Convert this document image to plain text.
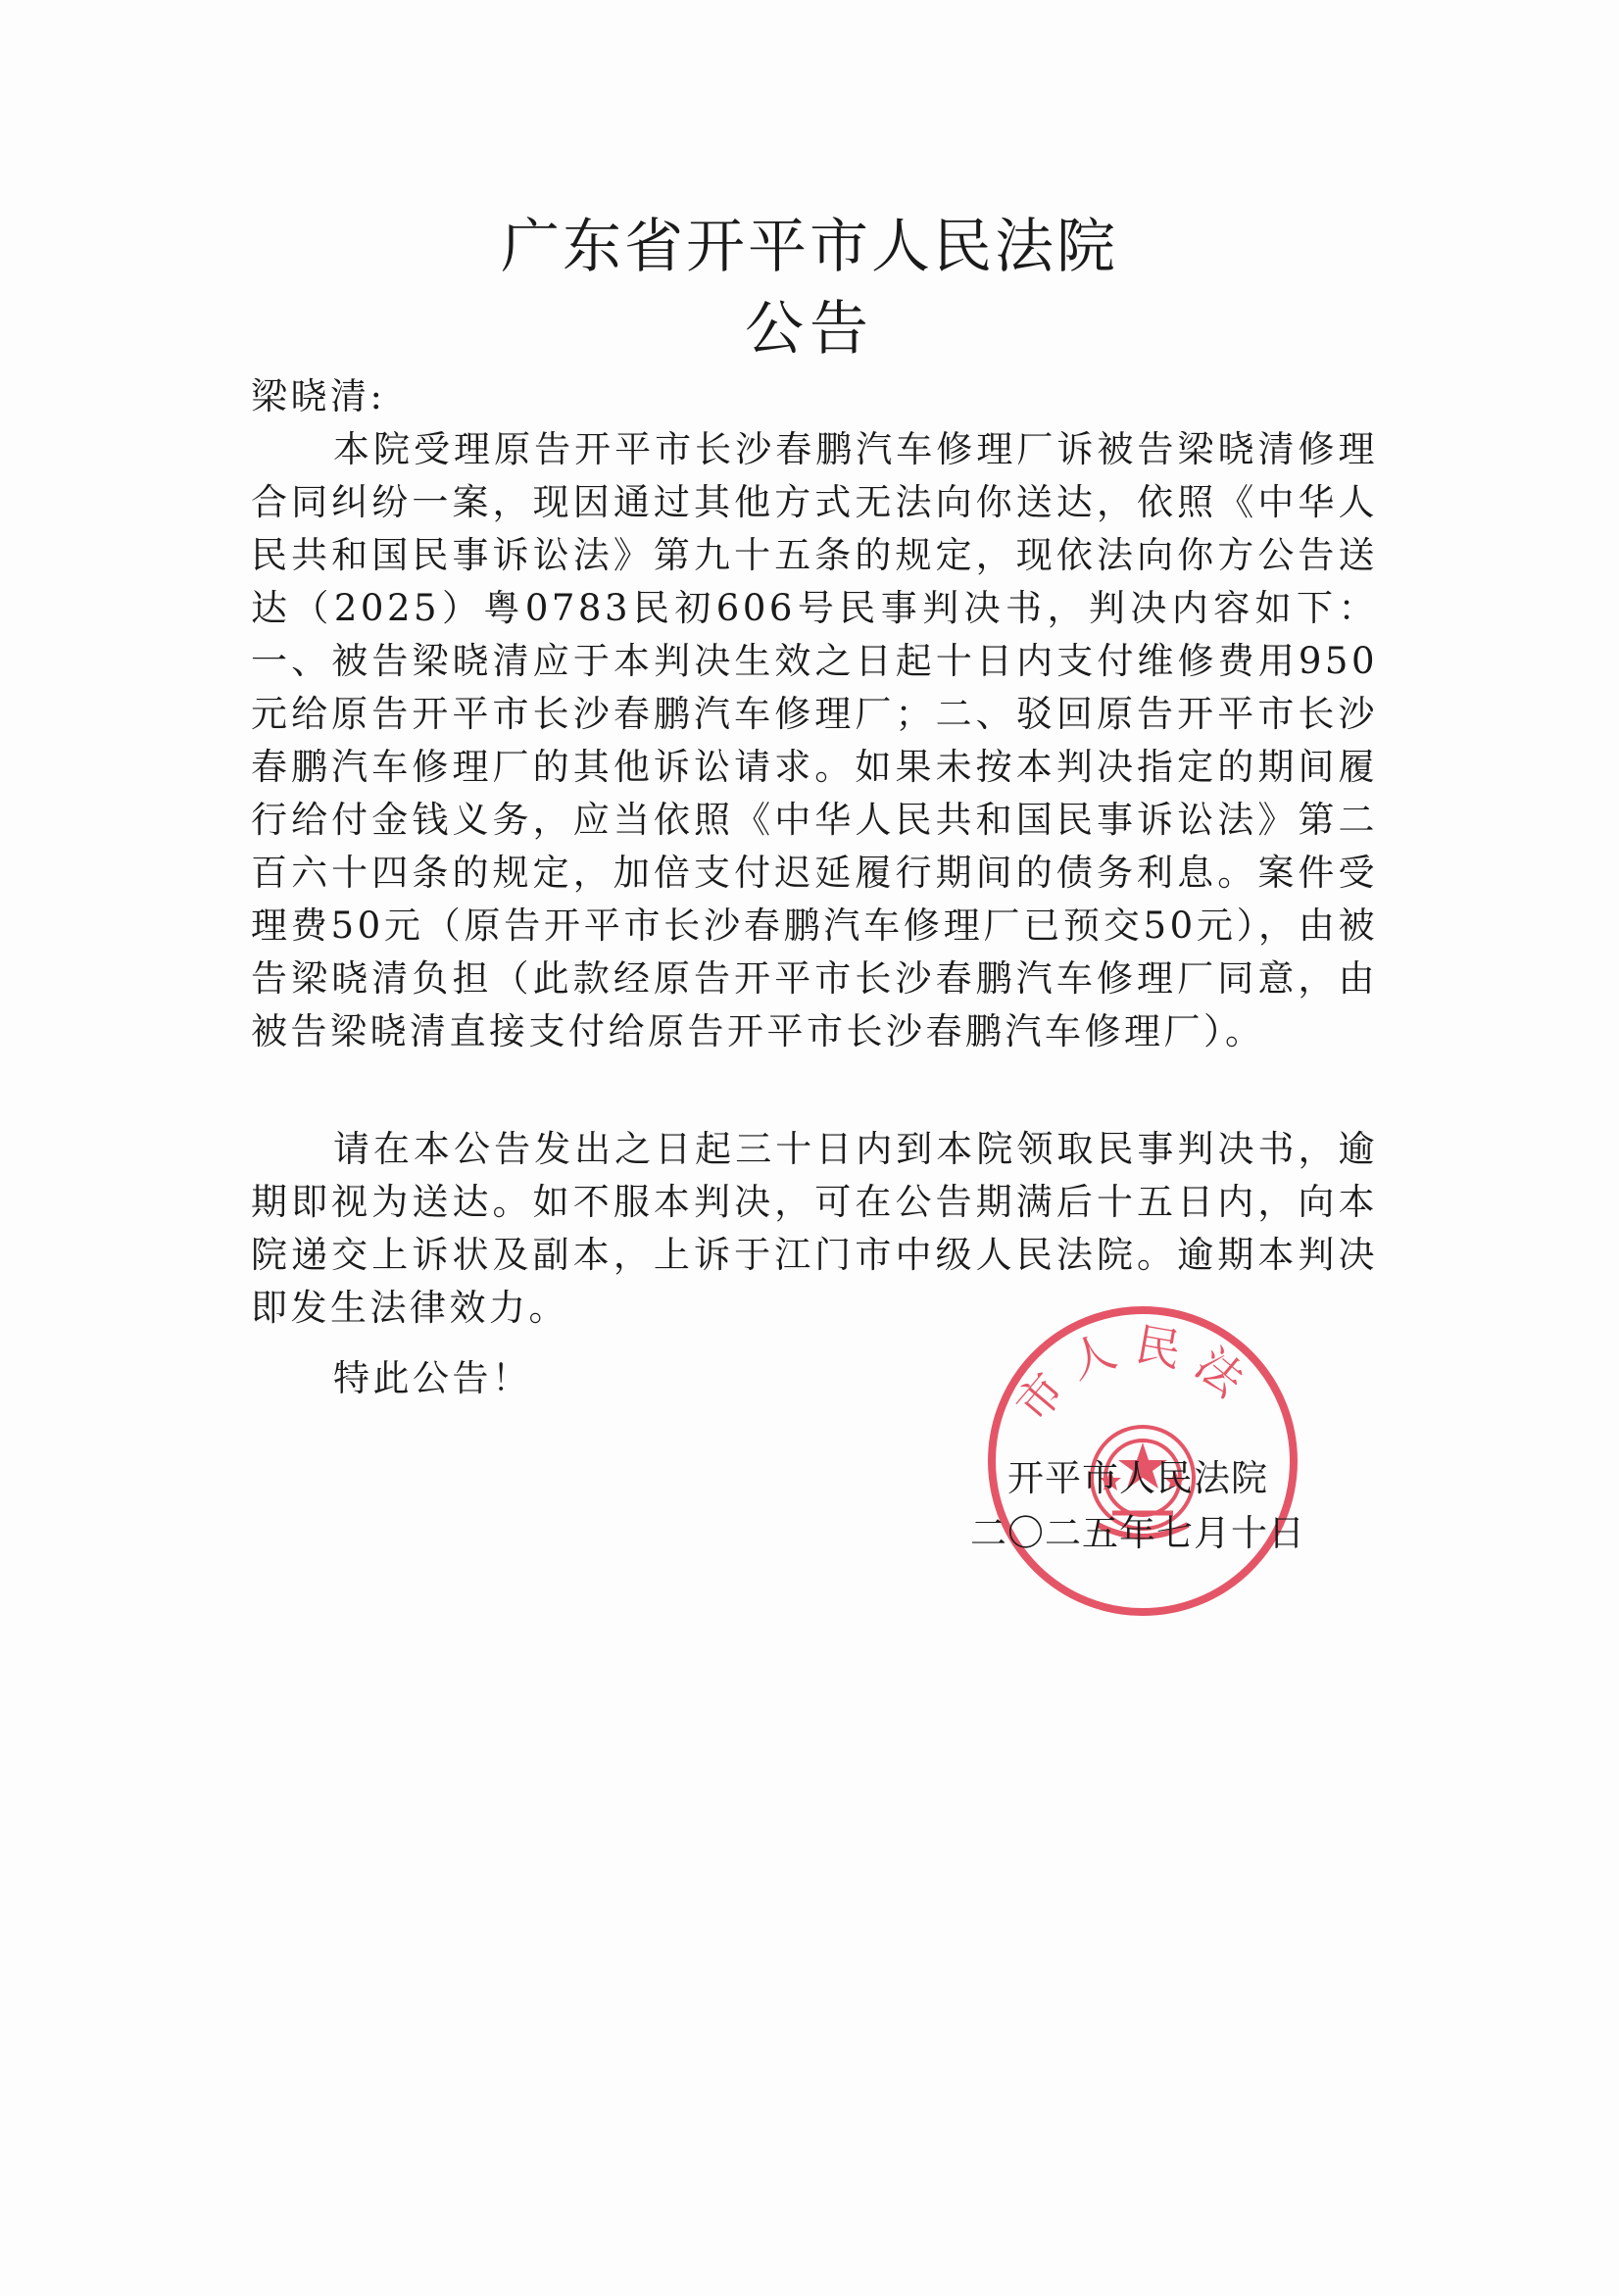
广东省开平市人民法院
公告

梁晓清:

本院受理原告开平市长沙春鹏汽车修理厂诉被告梁晓清修理合同纠纷一案，现因通过其他方式无法向你送达，依照《中华人民共和国民事诉讼法》第九十五条的规定，现依法向你方公告送达（2025）粤0783民初606号民事判决书，判决内容如下：一、被告梁晓清应于本判决生效之日起十日内支付维修费用950元给原告开平市长沙春鹏汽车修理厂；二、驳回原告开平市长沙春鹏汽车修理厂的其他诉讼请求。如果未按本判决指定的期间履行给付金钱义务，应当依照《中华人民共和国民事诉讼法》第二百六十四条的规定，加倍支付迟延履行期间的债务利息。案件受理费50元（原告开平市长沙春鹏汽车修理厂已预交50元），由被告梁晓清负担（此款经原告开平市长沙春鹏汽车修理厂同意，由被告梁晓清直接支付给原告开平市长沙春鹏汽车修理厂）。

请在本公告发出之日起三十日内到本院领取民事判决书，逾期即视为送达。如不服本判决，可在公告期满后十五日内，向本院递交上诉状及副本，上诉于江门市中级人民法院。逾期本判决即发生法律效力。

特此公告！	市人民法
开平市人民法院
二〇二五年七月十日
